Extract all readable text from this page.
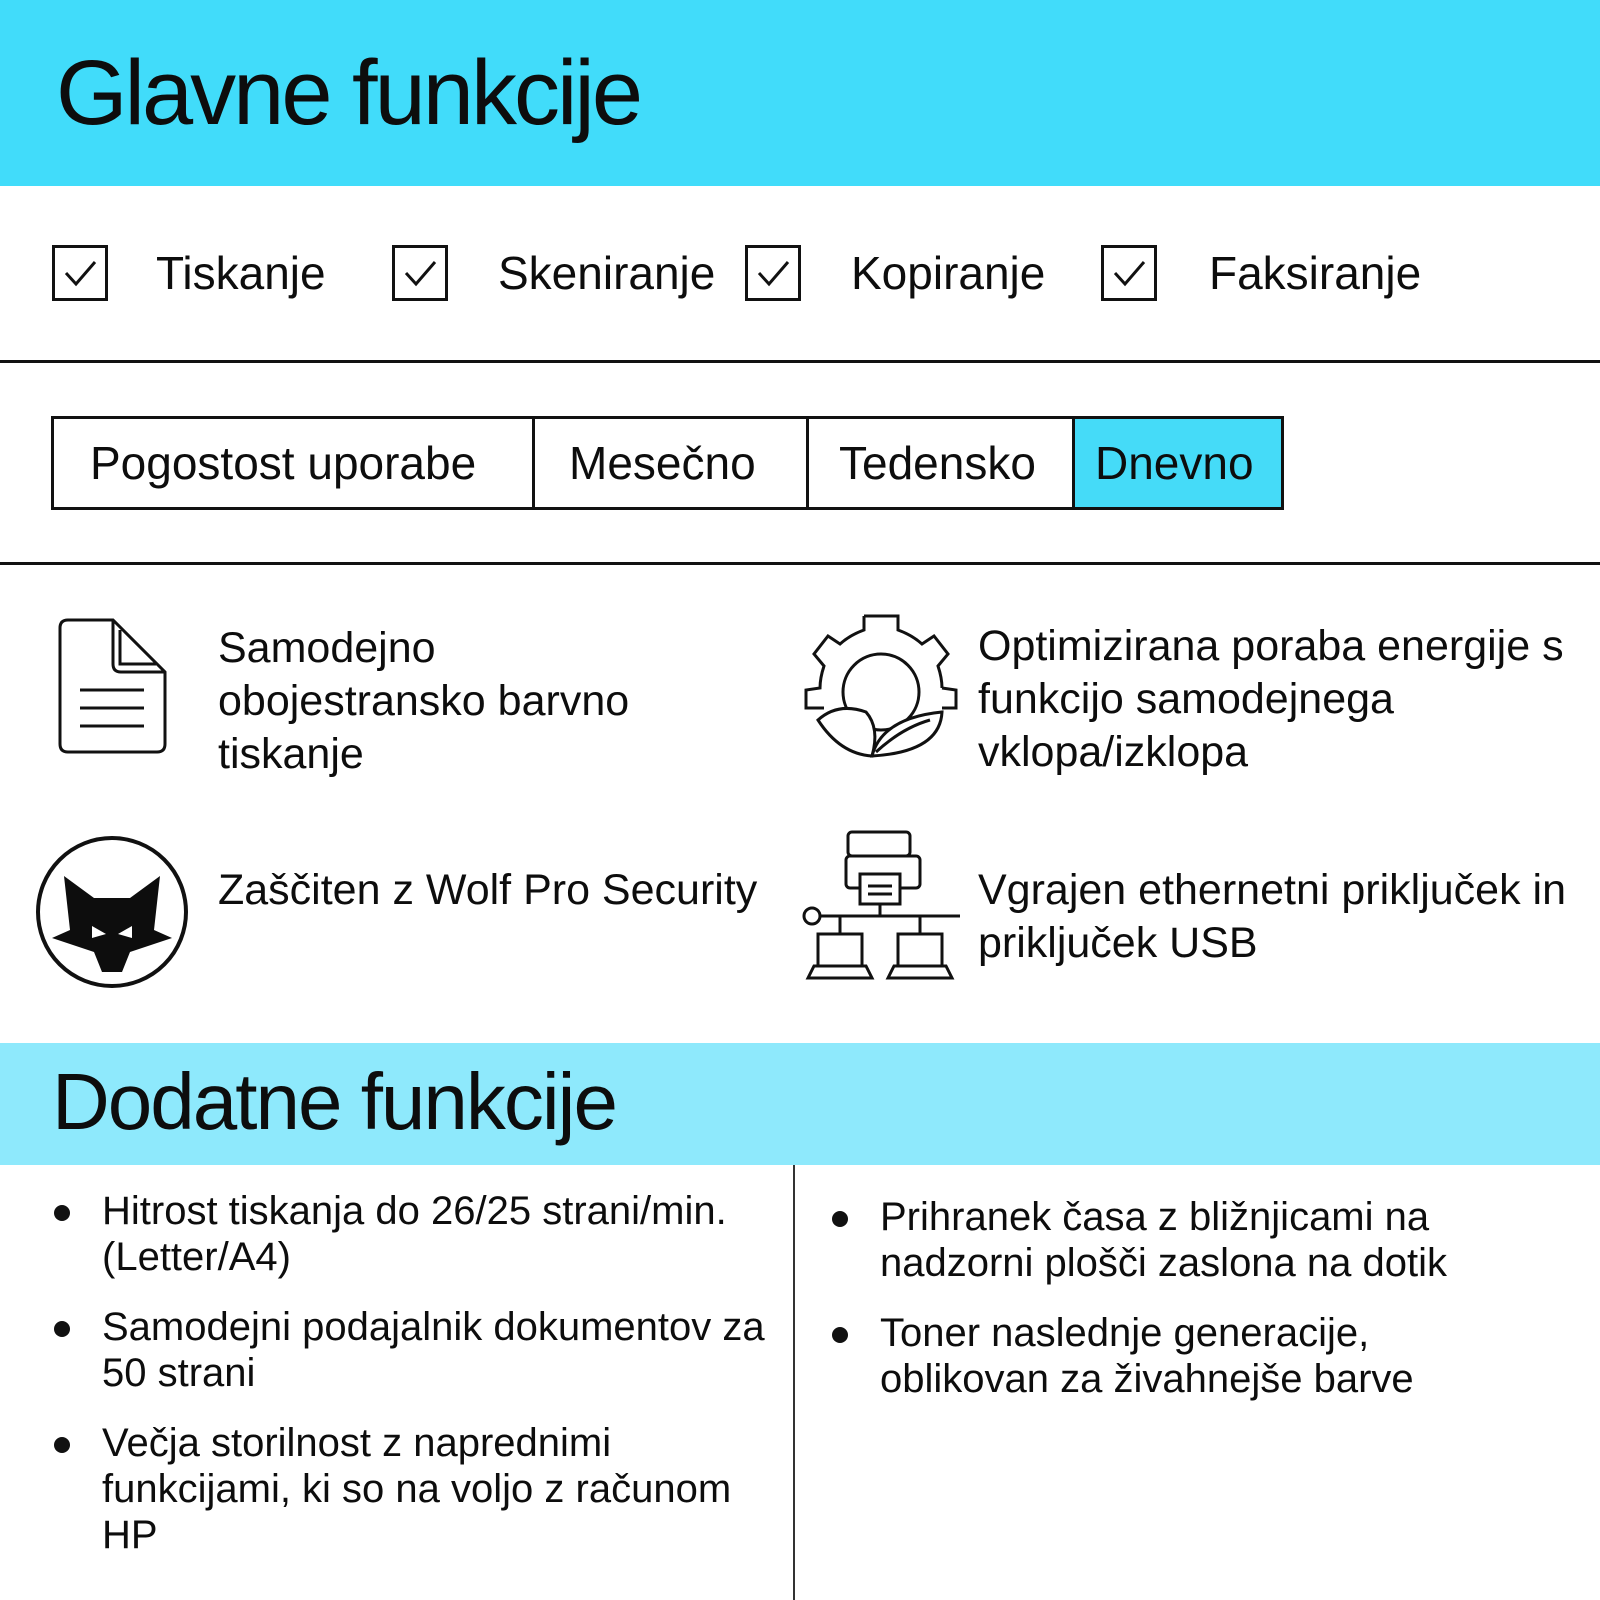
Glavne funkcije
Tiskanje	Skeniranje	Kopiranje	Faksiranje
Pogostost uporabe	Mesečno	Tedensko	Dnevno
Samodejno obojestransko barvno tiskanje
Optimizirana poraba energije s funkcijo samodejnega vklopa/izklopa
Zaščiten z Wolf Pro Security	Vgrajen ethernetni priključek in priključek USB
Dodatne funkcije
Hitrost tiskanja do 26/25 strani/min. (Letter/A4)
Samodejni podajalnik dokumentov za 50 strani
Večja storilnost z naprednimi funkcijami, ki so na voljo z računom HP
Prihranek časa z bližnjicami na nadzorni plošči zaslona na dotik
Toner naslednje generacije, oblikovan za živahnejše barve
